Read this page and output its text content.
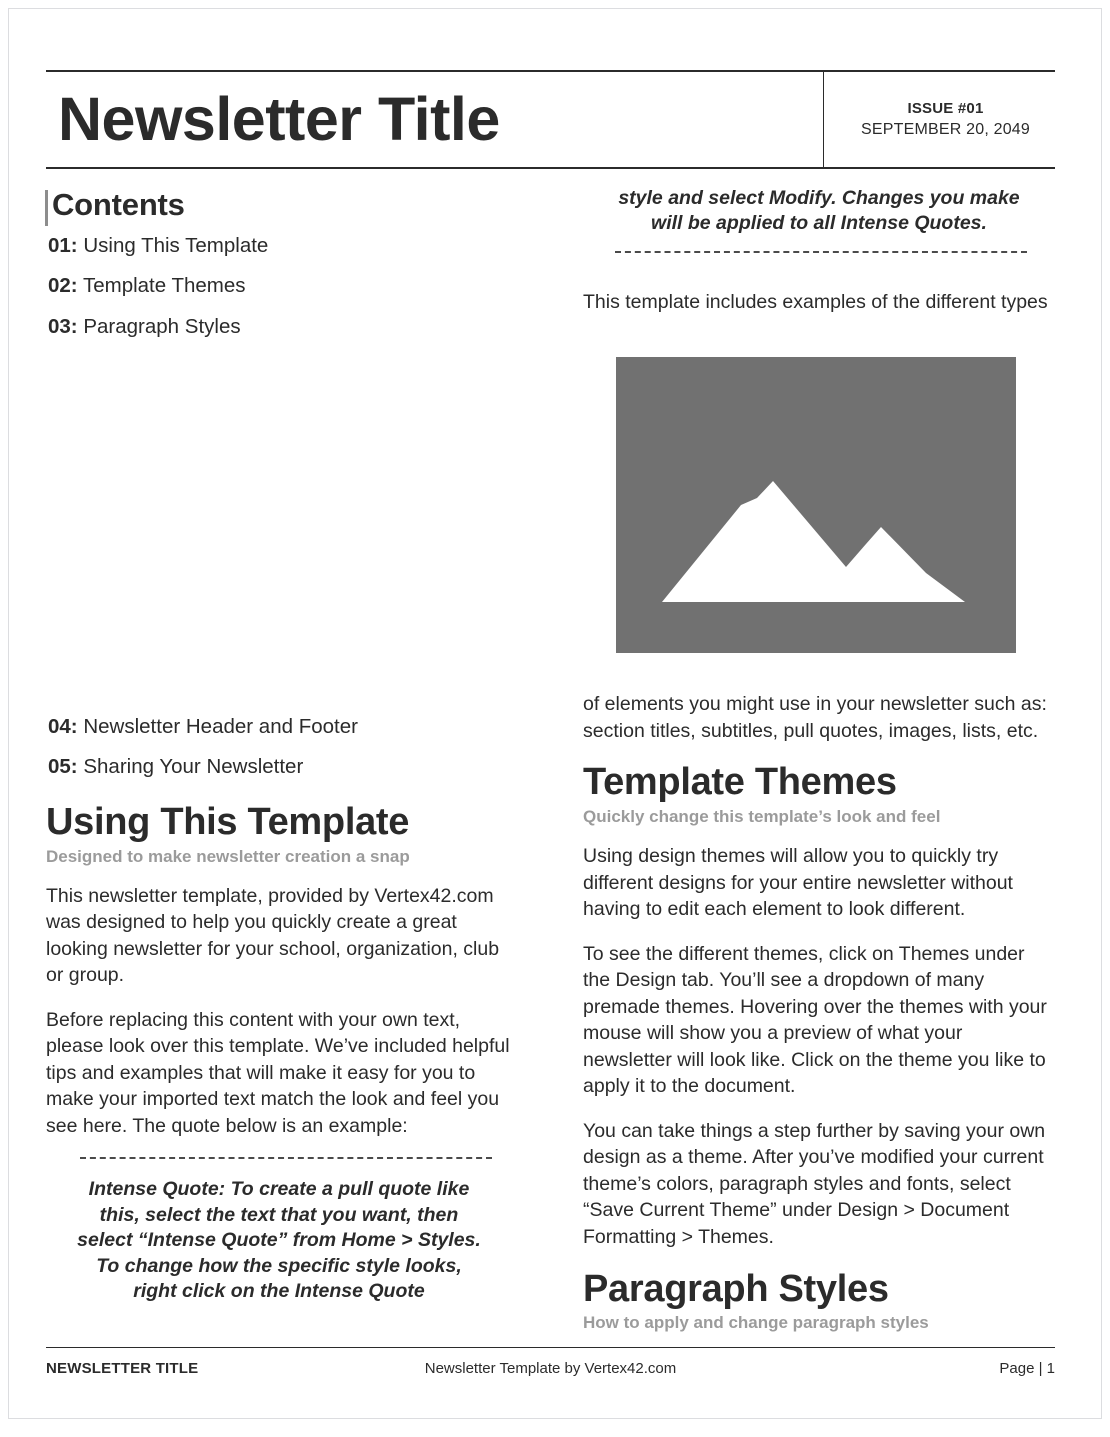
Newsletter Title	ISSUE #01
SEPTEMBER 20, 2049
Contents

01: Using This Template

02: Template Themes

03: Paragraph Styles

04: Newsletter Header and Footer

05: Sharing Your Newsletter

Using This Template
Designed to make newsletter creation a snap

This newsletter template, provided by Vertex42.com was designed to help you quickly create a great looking newsletter for your school, organization, club or group.

Before replacing this content with your own text, please look over this template. We’ve included helpful tips and examples that will make it easy for you to make your imported text match the look and feel you see here. The quote below is an example:

Intense Quote: To create a pull quote like this, select the text that you want, then select “Intense Quote” from Home > Styles. To change how the specific style looks, right click on the Intense Quote
style and select Modify. Changes you make will be applied to all Intense Quotes.

This template includes examples of the different types

of elements you might use in your newsletter such as: section titles, subtitles, pull quotes, images, lists, etc.

Template Themes
Quickly change this template’s look and feel

Using design themes will allow you to quickly try different designs for your entire newsletter without having to edit each element to look different.

To see the different themes, click on Themes under the Design tab. You’ll see a dropdown of many premade themes. Hovering over the themes with your mouse will show you a preview of what your newsletter will look like. Click on the theme you like to apply it to the document.

You can take things a step further by saving your own design as a theme. After you’ve modified your current theme’s colors, paragraph styles and fonts, select “Save Current Theme” under Design > Document Formatting > Themes.

Paragraph Styles
How to apply and change paragraph styles
NEWSLETTER TITLE	Newsletter Template by Vertex42.com	Page | 1
